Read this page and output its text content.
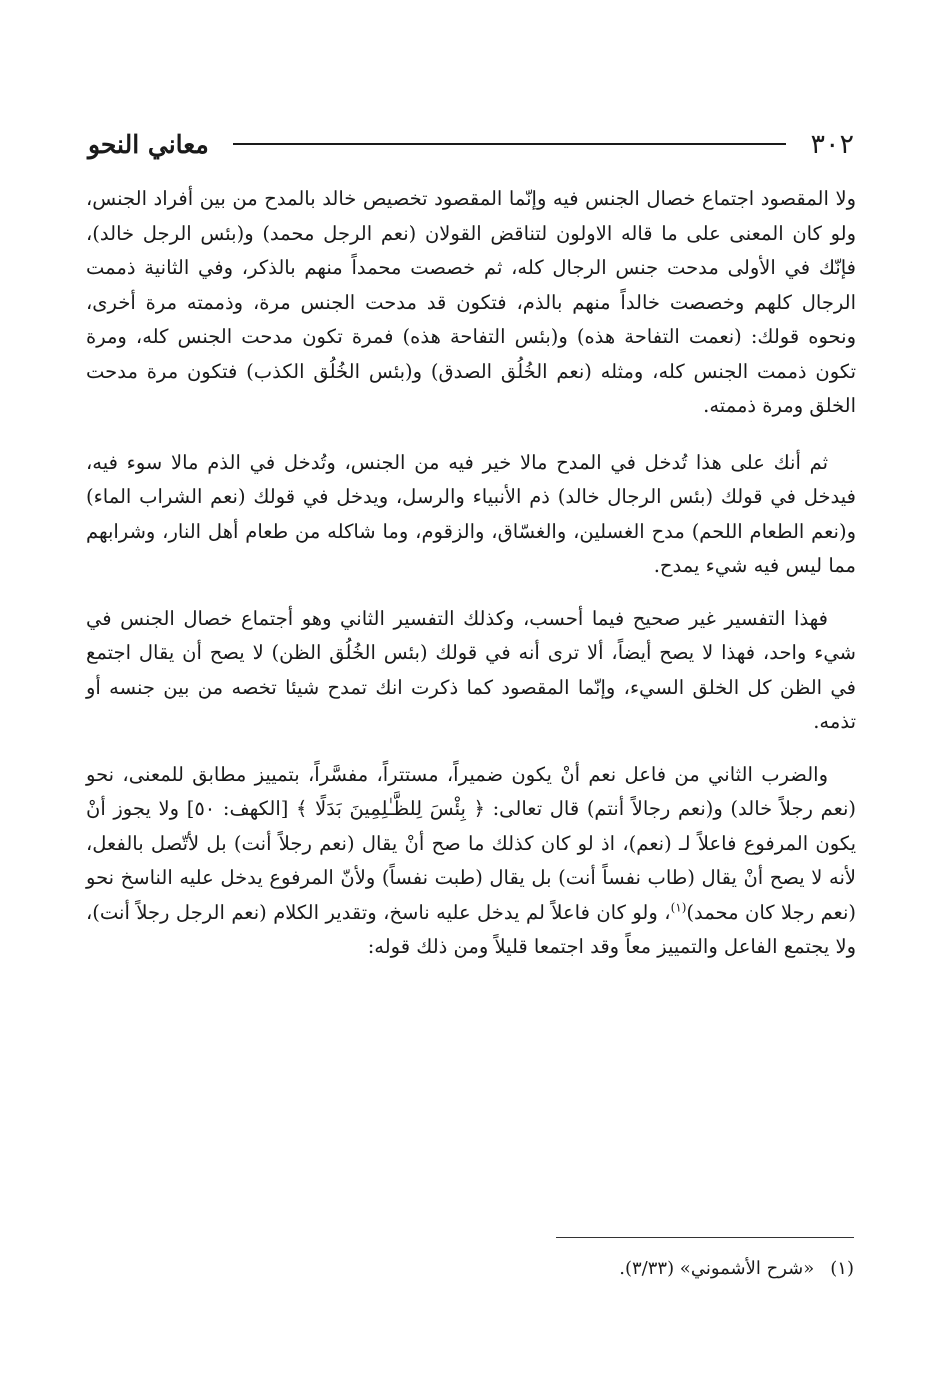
٣٠٢
معاني النحو

ولا المقصود اجتماع خصال الجنس فيه وإنّما المقصود تخصيص خالد بالمدح من بين أفراد الجنس، ولو كان المعنى على ما قاله الاولون لتناقض القولان (نعم الرجل محمد) و(بئس الرجل خالد)، فإنّك في الأولى مدحت جنس الرجال كله، ثم خصصت محمداً منهم بالذكر، وفي الثانية ذممت الرجال كلهم وخصصت خالداً منهم بالذم، فتكون قد مدحت الجنس مرة، وذممته مرة أخرى، ونحوه قولك: (نعمت التفاحة هذه) و(بئس التفاحة هذه) فمرة تكون مدحت الجنس كله، ومرة تكون ذممت الجنس كله، ومثله (نعم الخُلُق الصدق) و(بئس الخُلُق الكذب) فتكون مرة مدحت الخلق ومرة ذممته.

ثم أنك على هذا تُدخل في المدح مالا خير فيه من الجنس، وتُدخل في الذم مالا سوء فيه، فيدخل في قولك (بئس الرجال خالد) ذم الأنبياء والرسل، ويدخل في قولك (نعم الشراب الماء) و(نعم الطعام اللحم) مدح الغسلين، والغسّاق، والزقوم، وما شاكله من طعام أهل النار، وشرابهم مما ليس فيه شيء يمدح.

فهذا التفسير غير صحيح فيما أحسب، وكذلك التفسير الثاني وهو أجتماع خصال الجنس في شيء واحد، فهذا لا يصح أيضاً، ألا ترى أنه في قولك (بئس الخُلُق الظن) لا يصح أن يقال اجتمع في الظن كل الخلق السيء، وإنّما المقصود كما ذكرت انك تمدح شيئا تخصه من بين جنسه أو تذمه.

والضرب الثاني من فاعل نعم أنْ يكون ضميراً، مستتراً، مفسَّراً، بتمييز مطابق للمعنى، نحو (نعم رجلاً خالد) و(نعم رجالاً أنتم) قال تعالى: ﴿ بِئْسَ لِلظَّـٰلِمِينَ بَدَلًا ﴾ [الكهف: ٥٠] ولا يجوز أنْ يكون المرفوع فاعلاً لـ (نعم)، اذ لو كان كذلك ما صح أنْ يقال (نعم رجلاً أنت) بل لأتّصل بالفعل، لأنه لا يصح أنْ يقال (طاب نفساً أنت) بل يقال (طبت نفساً) ولأنّ المرفوع يدخل عليه الناسخ نحو (نعم رجلا كان محمد)$^{(١)}$، ولو كان فاعلاً لم يدخل عليه ناسخ، وتقدير الكلام (نعم الرجل رجلاً أنت)، ولا يجتمع الفاعل والتمييز معاً وقد اجتمعا قليلاً ومن ذلك قوله:

(١)«شرح الأشموني» (٣/٣٣).
